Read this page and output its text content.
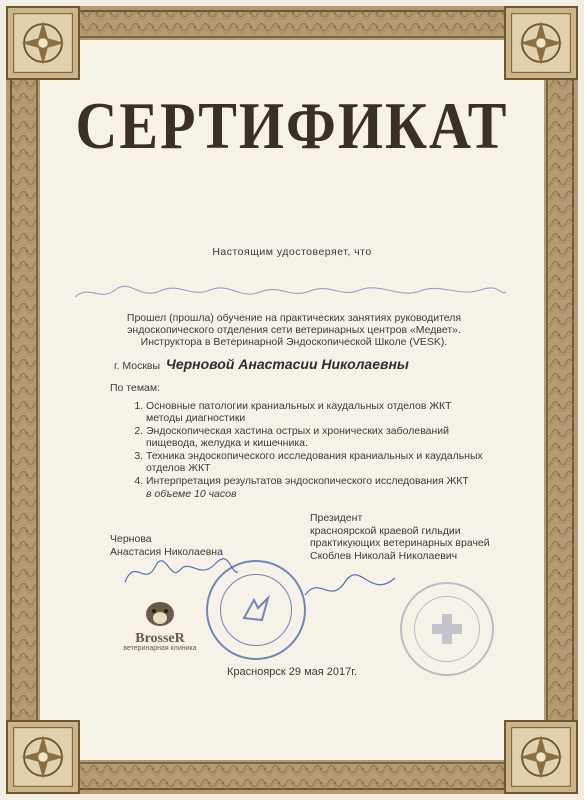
СЕРТИФИКАТ
Настоящим удостоверяет, что
Прошел (прошла) обучение на практических занятиях руководителя эндоскопического отделения сети ветеринарных центров «Медвет». Инструктора в Ветеринарной Эндоскопической Школе (VESK).
г. Москвы Черновой Анастасии Николаевны
По темам:
1. Основные патологии краниальных и каудальных отделов ЖКТ методы диагностики
2. Эндоскопическая хастина острых и хронических заболеваний пищевода, желудка и кишечника.
3. Техника эндоскопического исследования краниальных и каудальных отделов ЖКТ
4. Интерпретация результатов эндоскопического исследования ЖКТ
в объеме 10 часов
Чернова
Анастасия Николаевна
Президент
красноярской краевой гильдии
практикующих ветеринарных врачей
Скоблев Николай Николаевич
BrosseR
ветеринарная клиника
Красноярск 29 мая 2017г.
